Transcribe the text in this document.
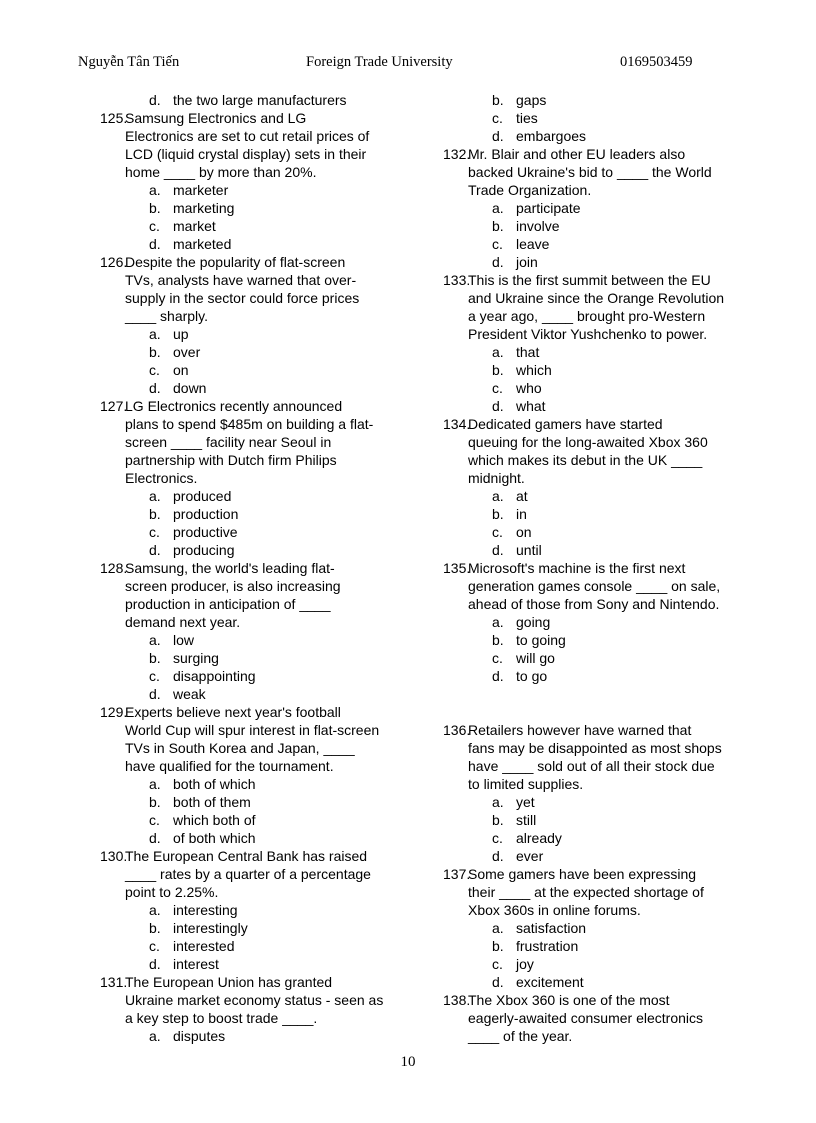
Nguyễn Tân Tiến	Foreign Trade University	0169503459
d. the two large manufacturers
125.
Samsung Electronics and LG
Electronics are set to cut retail prices of
LCD (liquid crystal display) sets in their
home ____ by more than 20%.
a. marketer
b. marketing
c. market
d. marketed
126.
Despite the popularity of flat-screen
TVs, analysts have warned that over-
supply in the sector could force prices
____ sharply.
a. up
b. over
c. on
d. down
127.
LG Electronics recently announced
plans to spend $485m on building a flat-
screen ____ facility near Seoul in
partnership with Dutch firm Philips
Electronics.
a. produced
b. production
c. productive
d. producing
128.
Samsung, the world's leading flat-
screen producer, is also increasing
production in anticipation of ____
demand next year.
a. low
b. surging
c. disappointing
d. weak
129.
Experts believe next year's football
World Cup will spur interest in flat-screen
TVs in South Korea and Japan, ____
have qualified for the tournament.
a. both of which
b. both of them
c. which both of
d. of both which
130.
The European Central Bank has raised
____ rates by a quarter of a percentage
point to 2.25%.
a. interesting
b. interestingly
c. interested
d. interest
131.
The European Union has granted
Ukraine market economy status - seen as
a key step to boost trade ____.
a. disputes
b. gaps
c. ties
d. embargoes
132.
Mr. Blair and other EU leaders also
backed Ukraine's bid to ____ the World
Trade Organization.
a. participate
b. involve
c. leave
d. join
133.
This is the first summit between the EU
and Ukraine since the Orange Revolution
a year ago, ____ brought pro-Western
President Viktor Yushchenko to power.
a. that
b. which
c. who
d. what
134.
Dedicated gamers have started
queuing for the long-awaited Xbox 360
which makes its debut in the UK ____
midnight.
a. at
b. in
c. on
d. until
135.
Microsoft's machine is the first next
generation games console ____ on sale,
ahead of those from Sony and Nintendo.
a. going
b. to going
c. will go
d. to go
136.
Retailers however have warned that
fans may be disappointed as most shops
have ____ sold out of all their stock due
to limited supplies.
a. yet
b. still
c. already
d. ever
137.
Some gamers have been expressing
their ____ at the expected shortage of
Xbox 360s in online forums.
a. satisfaction
b. frustration
c. joy
d. excitement
138.
The Xbox 360 is one of the most
eagerly-awaited consumer electronics
____ of the year.
10
